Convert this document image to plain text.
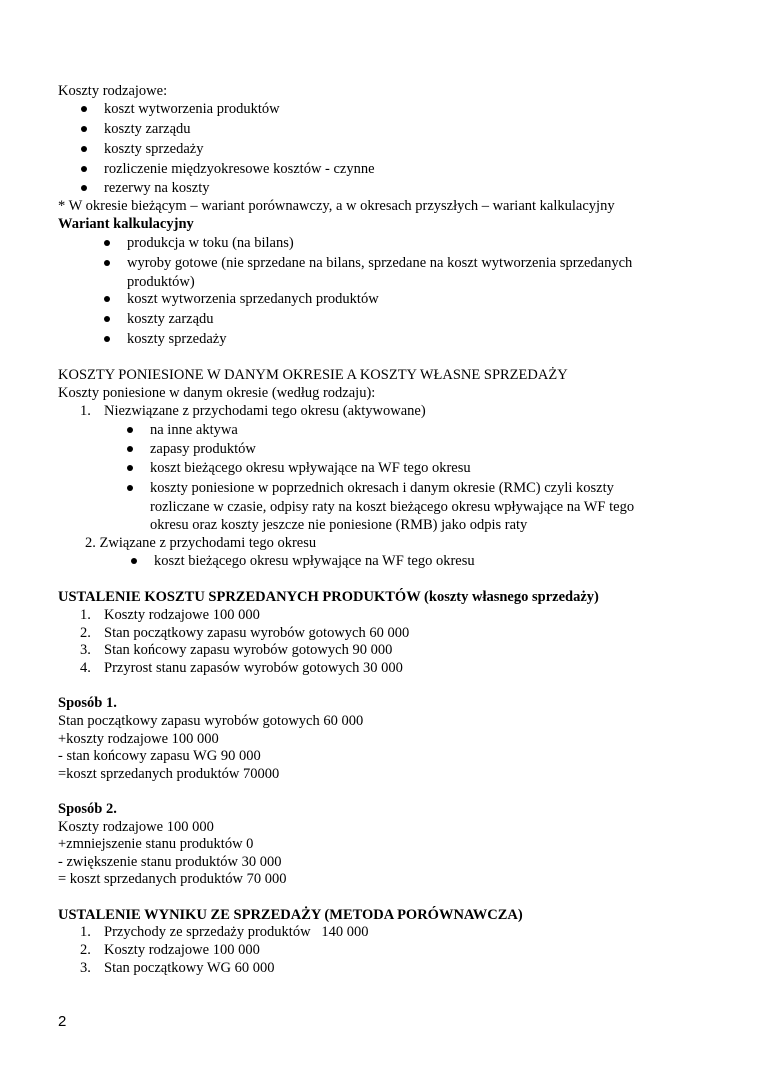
Koszty rodzajowe:
koszt wytworzenia produktów
koszty zarządu
koszty sprzedaży
rozliczenie międzyokresowe kosztów - czynne
rezerwy na koszty
* W okresie bieżącym – wariant porównawczy, a w okresach przyszłych – wariant kalkulacyjny
Wariant kalkulacyjny
produkcja w toku (na bilans)
wyroby gotowe (nie sprzedane na bilans, sprzedane na koszt wytworzenia sprzedanych
produktów)
koszt wytworzenia sprzedanych produktów
koszty zarządu
koszty sprzedaży
KOSZTY PONIESIONE W DANYM OKRESIE A KOSZTY WŁASNE SPRZEDAŻY
Koszty poniesione w danym okresie (według rodzaju):
1. Niezwiązane z przychodami tego okresu (aktywowane)
na inne aktywa
zapasy produktów
koszt bieżącego okresu wpływające na WF tego okresu
koszty poniesione w poprzednich okresach i danym okresie (RMC) czyli koszty
rozliczane w czasie, odpisy raty na koszt bieżącego okresu wpływające na WF tego
okresu oraz koszty jeszcze nie poniesione (RMB) jako odpis raty
2. Związane z przychodami tego okresu
koszt bieżącego okresu wpływające na WF tego okresu
USTALENIE KOSZTU SPRZEDANYCH PRODUKTÓW (koszty własnego sprzedaży)
1. Koszty rodzajowe 100 000
2. Stan początkowy zapasu wyrobów gotowych 60 000
3. Stan końcowy zapasu wyrobów gotowych 90 000
4. Przyrost stanu zapasów wyrobów gotowych 30 000
Sposób 1.
Stan początkowy zapasu wyrobów gotowych 60 000
+koszty rodzajowe 100 000
- stan końcowy zapasu WG 90 000
=koszt sprzedanych produktów 70000
Sposób 2.
Koszty rodzajowe 100 000
+zmniejszenie stanu produktów 0
- zwiększenie stanu produktów 30 000
= koszt sprzedanych produktów 70 000
USTALENIE WYNIKU ZE SPRZEDAŻY (METODA PORÓWNAWCZA)
1. Przychody ze sprzedaży produktów   140 000
2. Koszty rodzajowe 100 000
3. Stan początkowy WG 60 000
2
